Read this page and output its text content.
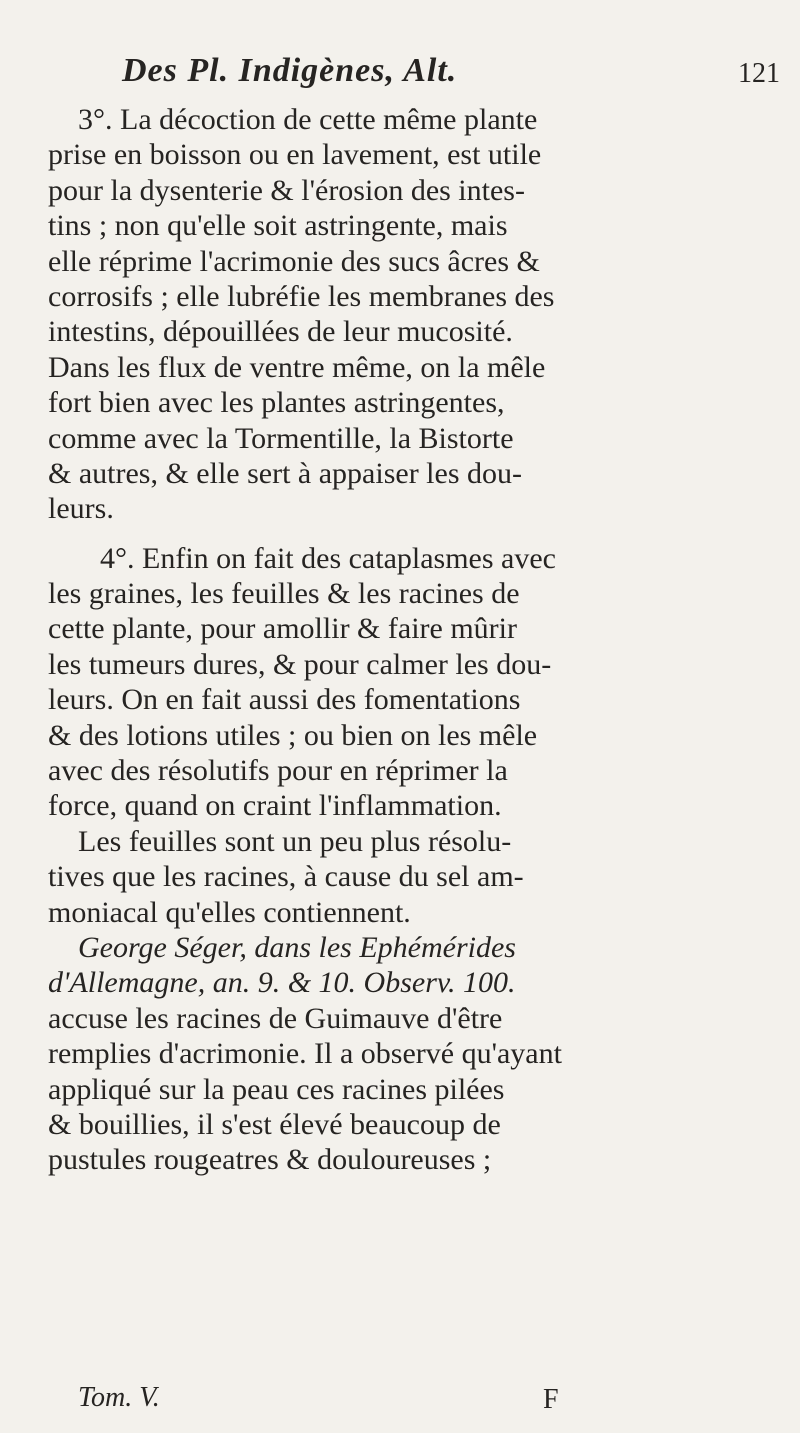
Des Pl. Indigènes, Alt.	121
3°. La décoction de cette même plante
prise en boisson ou en lavement, est utile
pour la dysenterie & l'érosion des intes-
tins ; non qu'elle soit astringente, mais
elle réprime l'acrimonie des sucs âcres &
corrosifs ; elle lubréfie les membranes des
intestins, dépouillées de leur mucosité.
Dans les flux de ventre même, on la mêle
fort bien avec les plantes astringentes,
comme avec la Tormentille, la Bistorte
& autres, & elle sert à appaiser les dou-
leurs.
4°. Enfin on fait des cataplasmes avec
les graines, les feuilles & les racines de
cette plante, pour amollir & faire mûrir
les tumeurs dures, & pour calmer les dou-
leurs. On en fait aussi des fomentations
& des lotions utiles ; ou bien on les mêle
avec des résolutifs pour en réprimer la
force, quand on craint l'inflammation.
Les feuilles sont un peu plus résolu-
tives que les racines, à cause du sel am-
moniacal qu'elles contiennent.
George Séger, dans les Ephémérides
d'Allemagne, an. 9. & 10. Observ. 100.
accuse les racines de Guimauve d'être
remplies d'acrimonie. Il a observé qu'ayant
appliqué sur la peau ces racines pilées
& bouillies, il s'est élevé beaucoup de
pustules rougeatres & douloureuses ;
Tom. V.	F
